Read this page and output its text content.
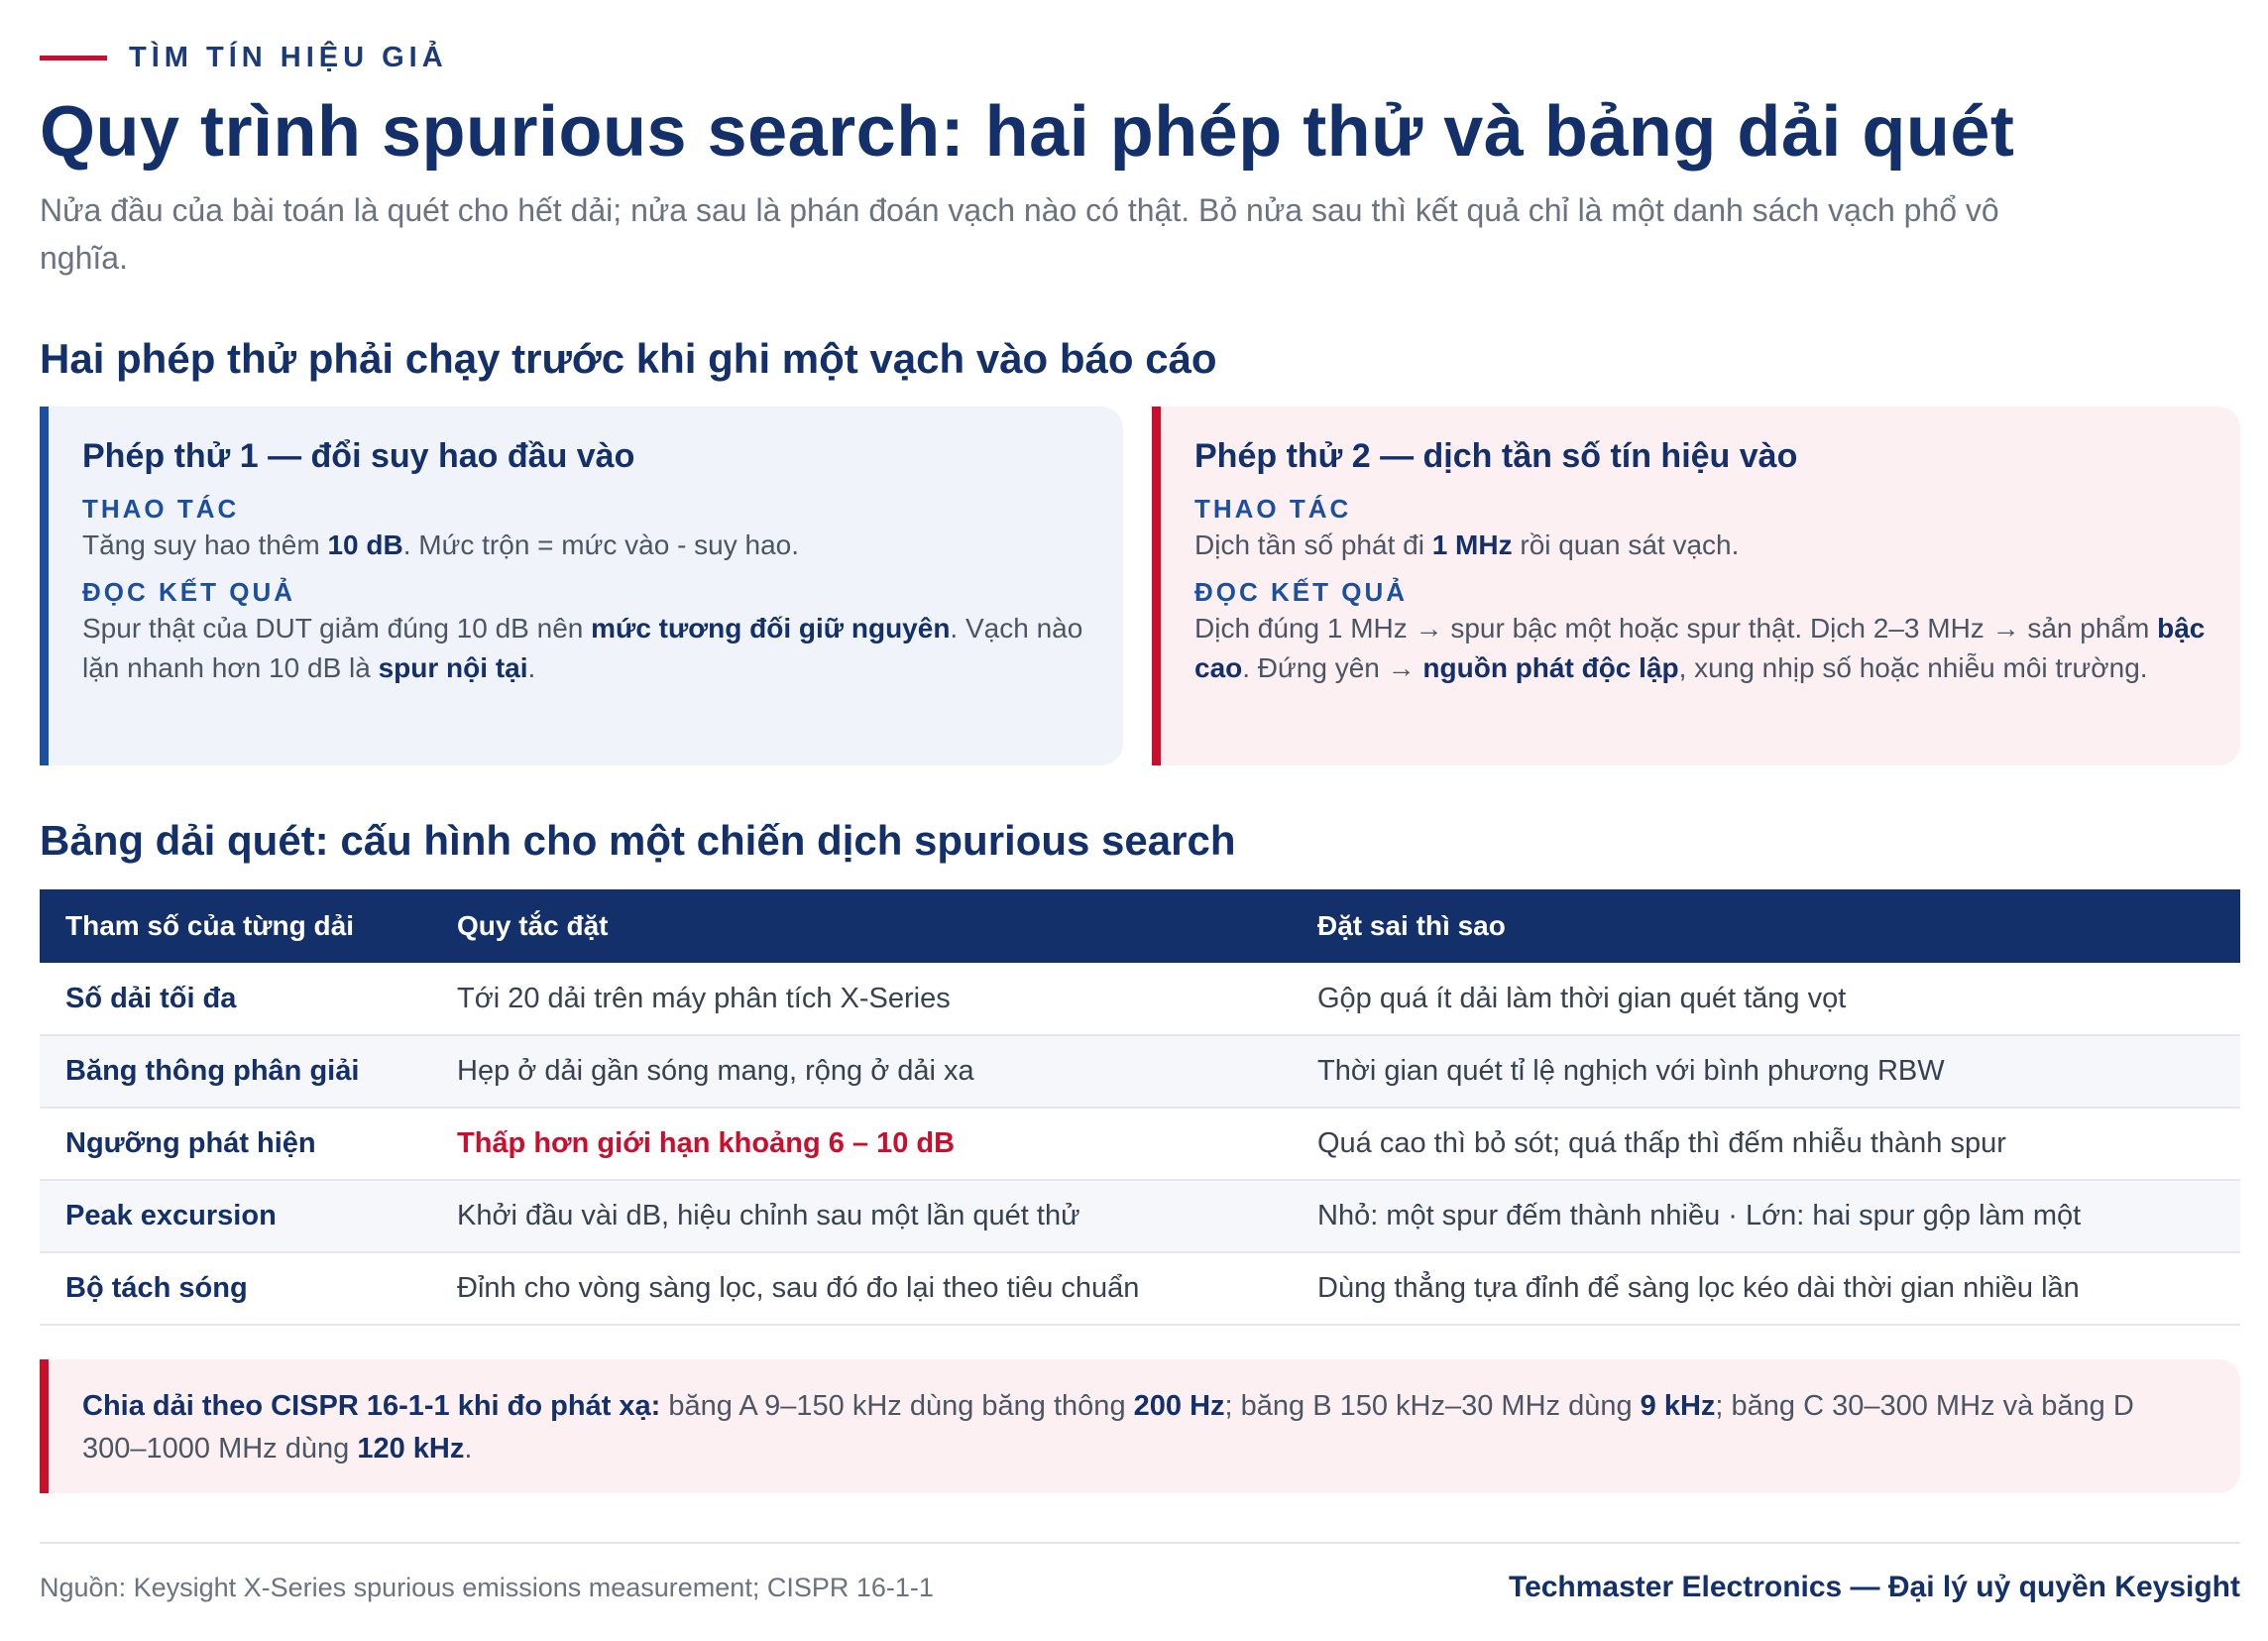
TÌM TÍN HIỆU GIẢ
Quy trình spurious search: hai phép thử và bảng dải quét

Nửa đầu của bài toán là quét cho hết dải; nửa sau là phán đoán vạch nào có thật. Bỏ nửa sau thì kết quả chỉ là một danh sách vạch phổ vô nghĩa.

Hai phép thử phải chạy trước khi ghi một vạch vào báo cáo
Phép thử 1 — đổi suy hao đầu vào
THAO TÁC
Tăng suy hao thêm 10 dB. Mức trộn = mức vào - suy hao.
ĐỌC KẾT QUẢ
Spur thật của DUT giảm đúng 10 dB nên mức tương đối giữ nguyên. Vạch nào lặn nhanh hơn 10 dB là spur nội tại.
Phép thử 2 — dịch tần số tín hiệu vào
THAO TÁC
Dịch tần số phát đi 1 MHz rồi quan sát vạch.
ĐỌC KẾT QUẢ
Dịch đúng 1 MHz → spur bậc một hoặc spur thật. Dịch 2–3 MHz → sản phẩm bậc cao. Đứng yên → nguồn phát độc lập, xung nhịp số hoặc nhiễu môi trường.
Bảng dải quét: cấu hình cho một chiến dịch spurious search
Tham số của từng dải	Quy tắc đặt	Đặt sai thì sao
Số dải tối đa	Tới 20 dải trên máy phân tích X-Series	Gộp quá ít dải làm thời gian quét tăng vọt
Băng thông phân giải	Hẹp ở dải gần sóng mang, rộng ở dải xa	Thời gian quét tỉ lệ nghịch với bình phương RBW
Ngưỡng phát hiện	Thấp hơn giới hạn khoảng 6 – 10 dB	Quá cao thì bỏ sót; quá thấp thì đếm nhiễu thành spur
Peak excursion	Khởi đầu vài dB, hiệu chỉnh sau một lần quét thử	Nhỏ: một spur đếm thành nhiều · Lớn: hai spur gộp làm một
Bộ tách sóng	Đỉnh cho vòng sàng lọc, sau đó đo lại theo tiêu chuẩn	Dùng thẳng tựa đỉnh để sàng lọc kéo dài thời gian nhiều lần
Chia dải theo CISPR 16-1-1 khi đo phát xạ: băng A 9–150 kHz dùng băng thông 200 Hz; băng B 150 kHz–30 MHz dùng 9 kHz; băng C 30–300 MHz và băng D 300–1000 MHz dùng 120 kHz.
Nguồn: Keysight X-Series spurious emissions measurement; CISPR 16-1-1	Techmaster Electronics — Đại lý uỷ quyền Keysight
